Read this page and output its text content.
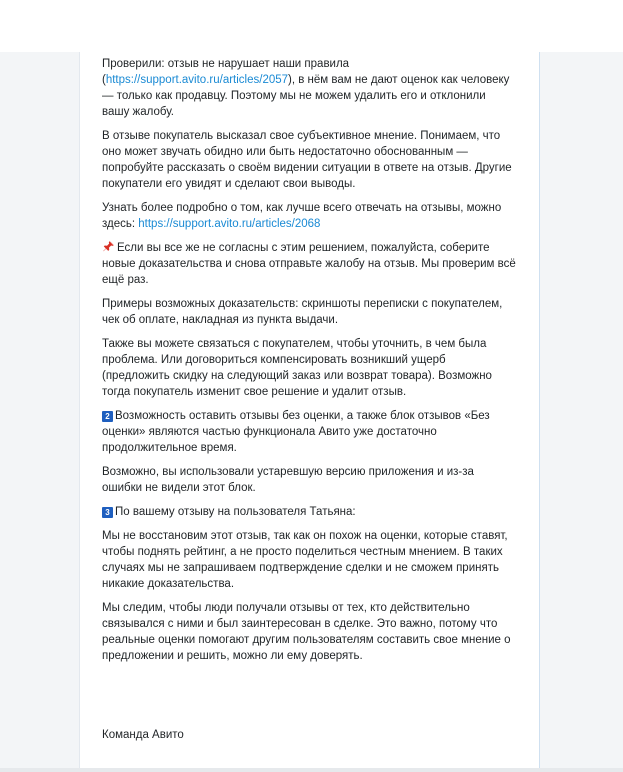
Проверили: отзыв не нарушает наши правила (https://support.avito.ru/articles/2057), в нём вам не дают оценок как человеку — только как продавцу. Поэтому мы не можем удалить его и отклонили вашу жалобу.

В отзыве покупатель высказал свое субъективное мнение. Понимаем, что оно может звучать обидно или быть недостаточно обоснованным — попробуйте рассказать о своём видении ситуации в ответе на отзыв. Другие покупатели его увидят и сделают свои выводы.

Узнать более подробно о том, как лучше всего отвечать на отзывы, можно здесь: https://support.avito.ru/articles/2068

Если вы все же не согласны с этим решением, пожалуйста, соберите новые доказательства и снова отправьте жалобу на отзыв. Мы проверим всё ещё раз.

Примеры возможных доказательств: скриншоты переписки с покупателем, чек об оплате, накладная из пункта выдачи.

Также вы можете связаться с покупателем, чтобы уточнить, в чем была проблема. Или договориться компенсировать возникший ущерб (предложить скидку на следующий заказ или возврат товара). Возможно тогда покупатель изменит свое решение и удалит отзыв.

2 Возможность оставить отзывы без оценки, а также блок отзывов «Без оценки» являются частью функционала Авито уже достаточно продолжительное время.

Возможно, вы использовали устаревшую версию приложения и из-за ошибки не видели этот блок.

3 По вашему отзыву на пользователя Татьяна:

Мы не восстановим этот отзыв, так как он похож на оценки, которые ставят, чтобы поднять рейтинг, а не просто поделиться честным мнением. В таких случаях мы не запрашиваем подтверждение сделки и не сможем принять никакие доказательства.

Мы следим, чтобы люди получали отзывы от тех, кто действительно связывался с ними и был заинтересован в сделке. Это важно, потому что реальные оценки помогают другим пользователям составить свое мнение о предложении и решить, можно ли ему доверять.

Команда Авито
